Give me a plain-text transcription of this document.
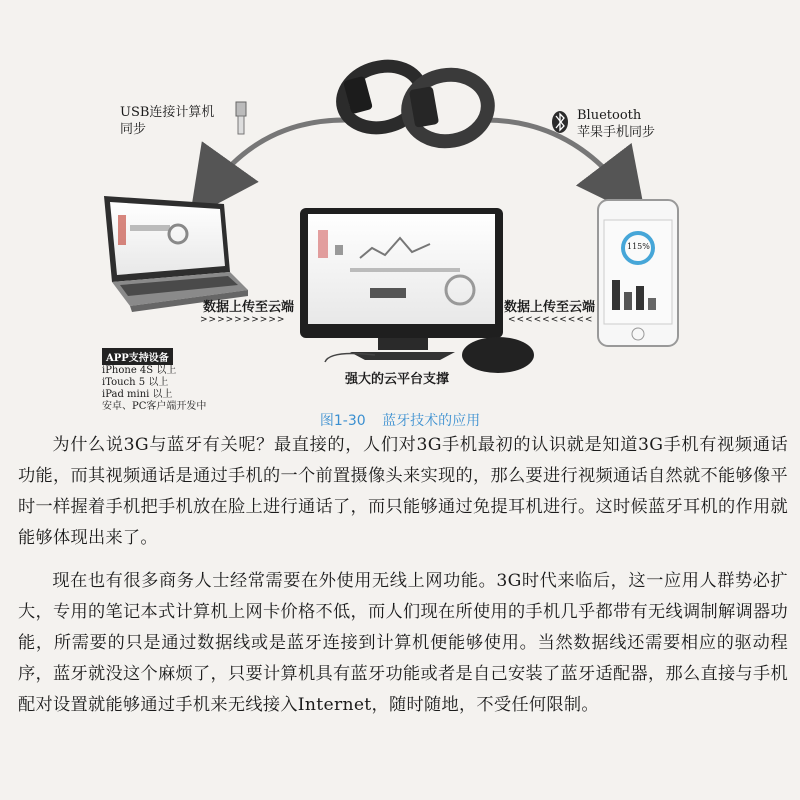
USB连接计算机
同步
Bluetooth
苹果手机同步
数据上传至云端
>>>>>>>>>>
数据上传至云端
<<<<<<<<<<
115%
强大的云平台支撑
APP支持设备
iPhone 4S 以上
iTouch 5 以上
iPad mini 以上
安卓、PC客户端开发中
图1-30 蓝牙技术的应用

为什么说3G与蓝牙有关呢？最直接的，人们对3G手机最初的认识就是知道3G手机有视频通话功能，而其视频通话是通过手机的一个前置摄像头来实现的，那么要进行视频通话自然就不能够像平时一样握着手机把手机放在脸上进行通话了，而只能够通过免提耳机进行。这时候蓝牙耳机的作用就能够体现出来了。

现在也有很多商务人士经常需要在外使用无线上网功能。3G时代来临后，这一应用人群势必扩大，专用的笔记本式计算机上网卡价格不低，而人们现在所使用的手机几乎都带有无线调制解调器功能，所需要的只是通过数据线或是蓝牙连接到计算机便能够使用。当然数据线还需要相应的驱动程序，蓝牙就没这个麻烦了，只要计算机具有蓝牙功能或者是自己安装了蓝牙适配器，那么直接与手机配对设置就能够通过手机来无线接入Internet，随时随地，不受任何限制。
